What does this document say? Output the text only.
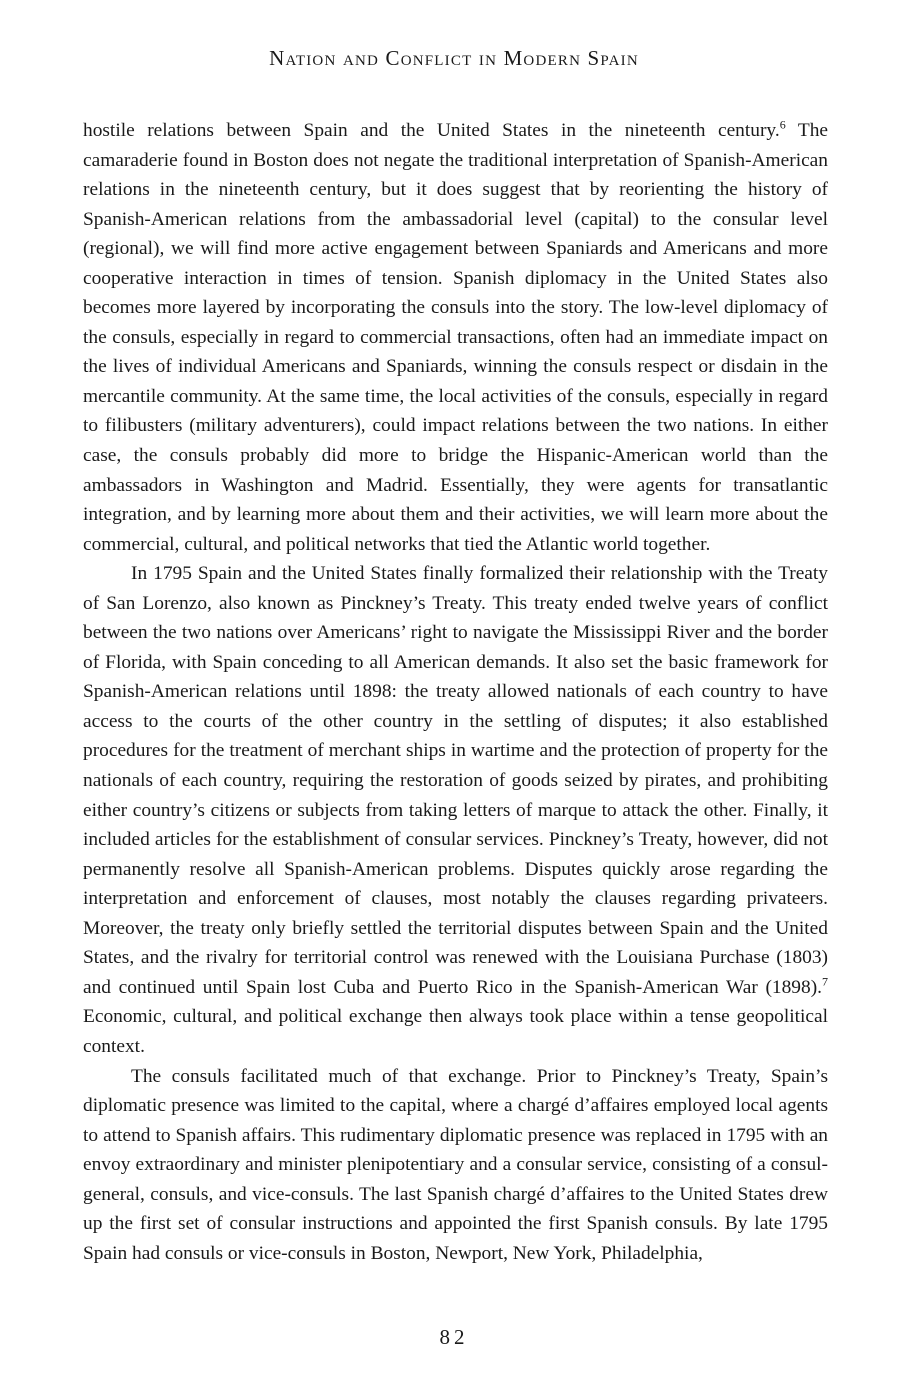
Nation and Conflict in Modern Spain

hostile relations between Spain and the United States in the nineteenth century.$^6$ The camaraderie found in Boston does not negate the traditional interpretation of Spanish-American relations in the nineteenth century, but it does suggest that by reorienting the history of Spanish-American relations from the ambassadorial level (capital) to the consular level (regional), we will find more active engagement between Spaniards and Americans and more cooperative interaction in times of tension. Spanish diplomacy in the United States also becomes more layered by incorporating the consuls into the story. The low-level diplomacy of the consuls, especially in regard to commercial transactions, often had an immediate impact on the lives of individual Americans and Spaniards, winning the consuls respect or disdain in the mercantile community. At the same time, the local activities of the consuls, especially in regard to filibusters (military adventurers), could impact relations between the two nations. In either case, the consuls probably did more to bridge the Hispanic-American world than the ambassadors in Washington and Madrid. Essentially, they were agents for transatlantic integration, and by learning more about them and their activities, we will learn more about the commercial, cultural, and political networks that tied the Atlantic world together.

In 1795 Spain and the United States finally formalized their relationship with the Treaty of San Lorenzo, also known as Pinckney’s Treaty. This treaty ended twelve years of conflict between the two nations over Americans’ right to navigate the Mississippi River and the border of Florida, with Spain conceding to all American demands. It also set the basic framework for Spanish-American relations until 1898: the treaty allowed nationals of each country to have access to the courts of the other country in the settling of disputes; it also established procedures for the treatment of merchant ships in wartime and the protection of property for the nationals of each country, requiring the restoration of goods seized by pirates, and prohibiting either country’s citizens or subjects from taking letters of marque to attack the other. Finally, it included articles for the establishment of consular services. Pinckney’s Treaty, however, did not permanently resolve all Spanish-American problems. Disputes quickly arose regarding the interpretation and enforcement of clauses, most notably the clauses regarding privateers. Moreover, the treaty only briefly settled the territorial disputes between Spain and the United States, and the rivalry for territorial control was renewed with the Louisiana Purchase (1803) and continued until Spain lost Cuba and Puerto Rico in the Spanish-American War (1898).$^7$ Economic, cultural, and political exchange then always took place within a tense geopolitical context.

The consuls facilitated much of that exchange. Prior to Pinckney’s Treaty, Spain’s diplomatic presence was limited to the capital, where a chargé d’affaires employed local agents to attend to Spanish affairs. This rudimentary diplomatic presence was replaced in 1795 with an envoy extraordinary and minister plenipotentiary and a consular service, consisting of a consul-general, consuls, and vice-consuls. The last Spanish chargé d’affaires to the United States drew up the first set of consular instructions and appointed the first Spanish consuls. By late 1795 Spain had consuls or vice-consuls in Boston, Newport, New York, Philadelphia,

82
